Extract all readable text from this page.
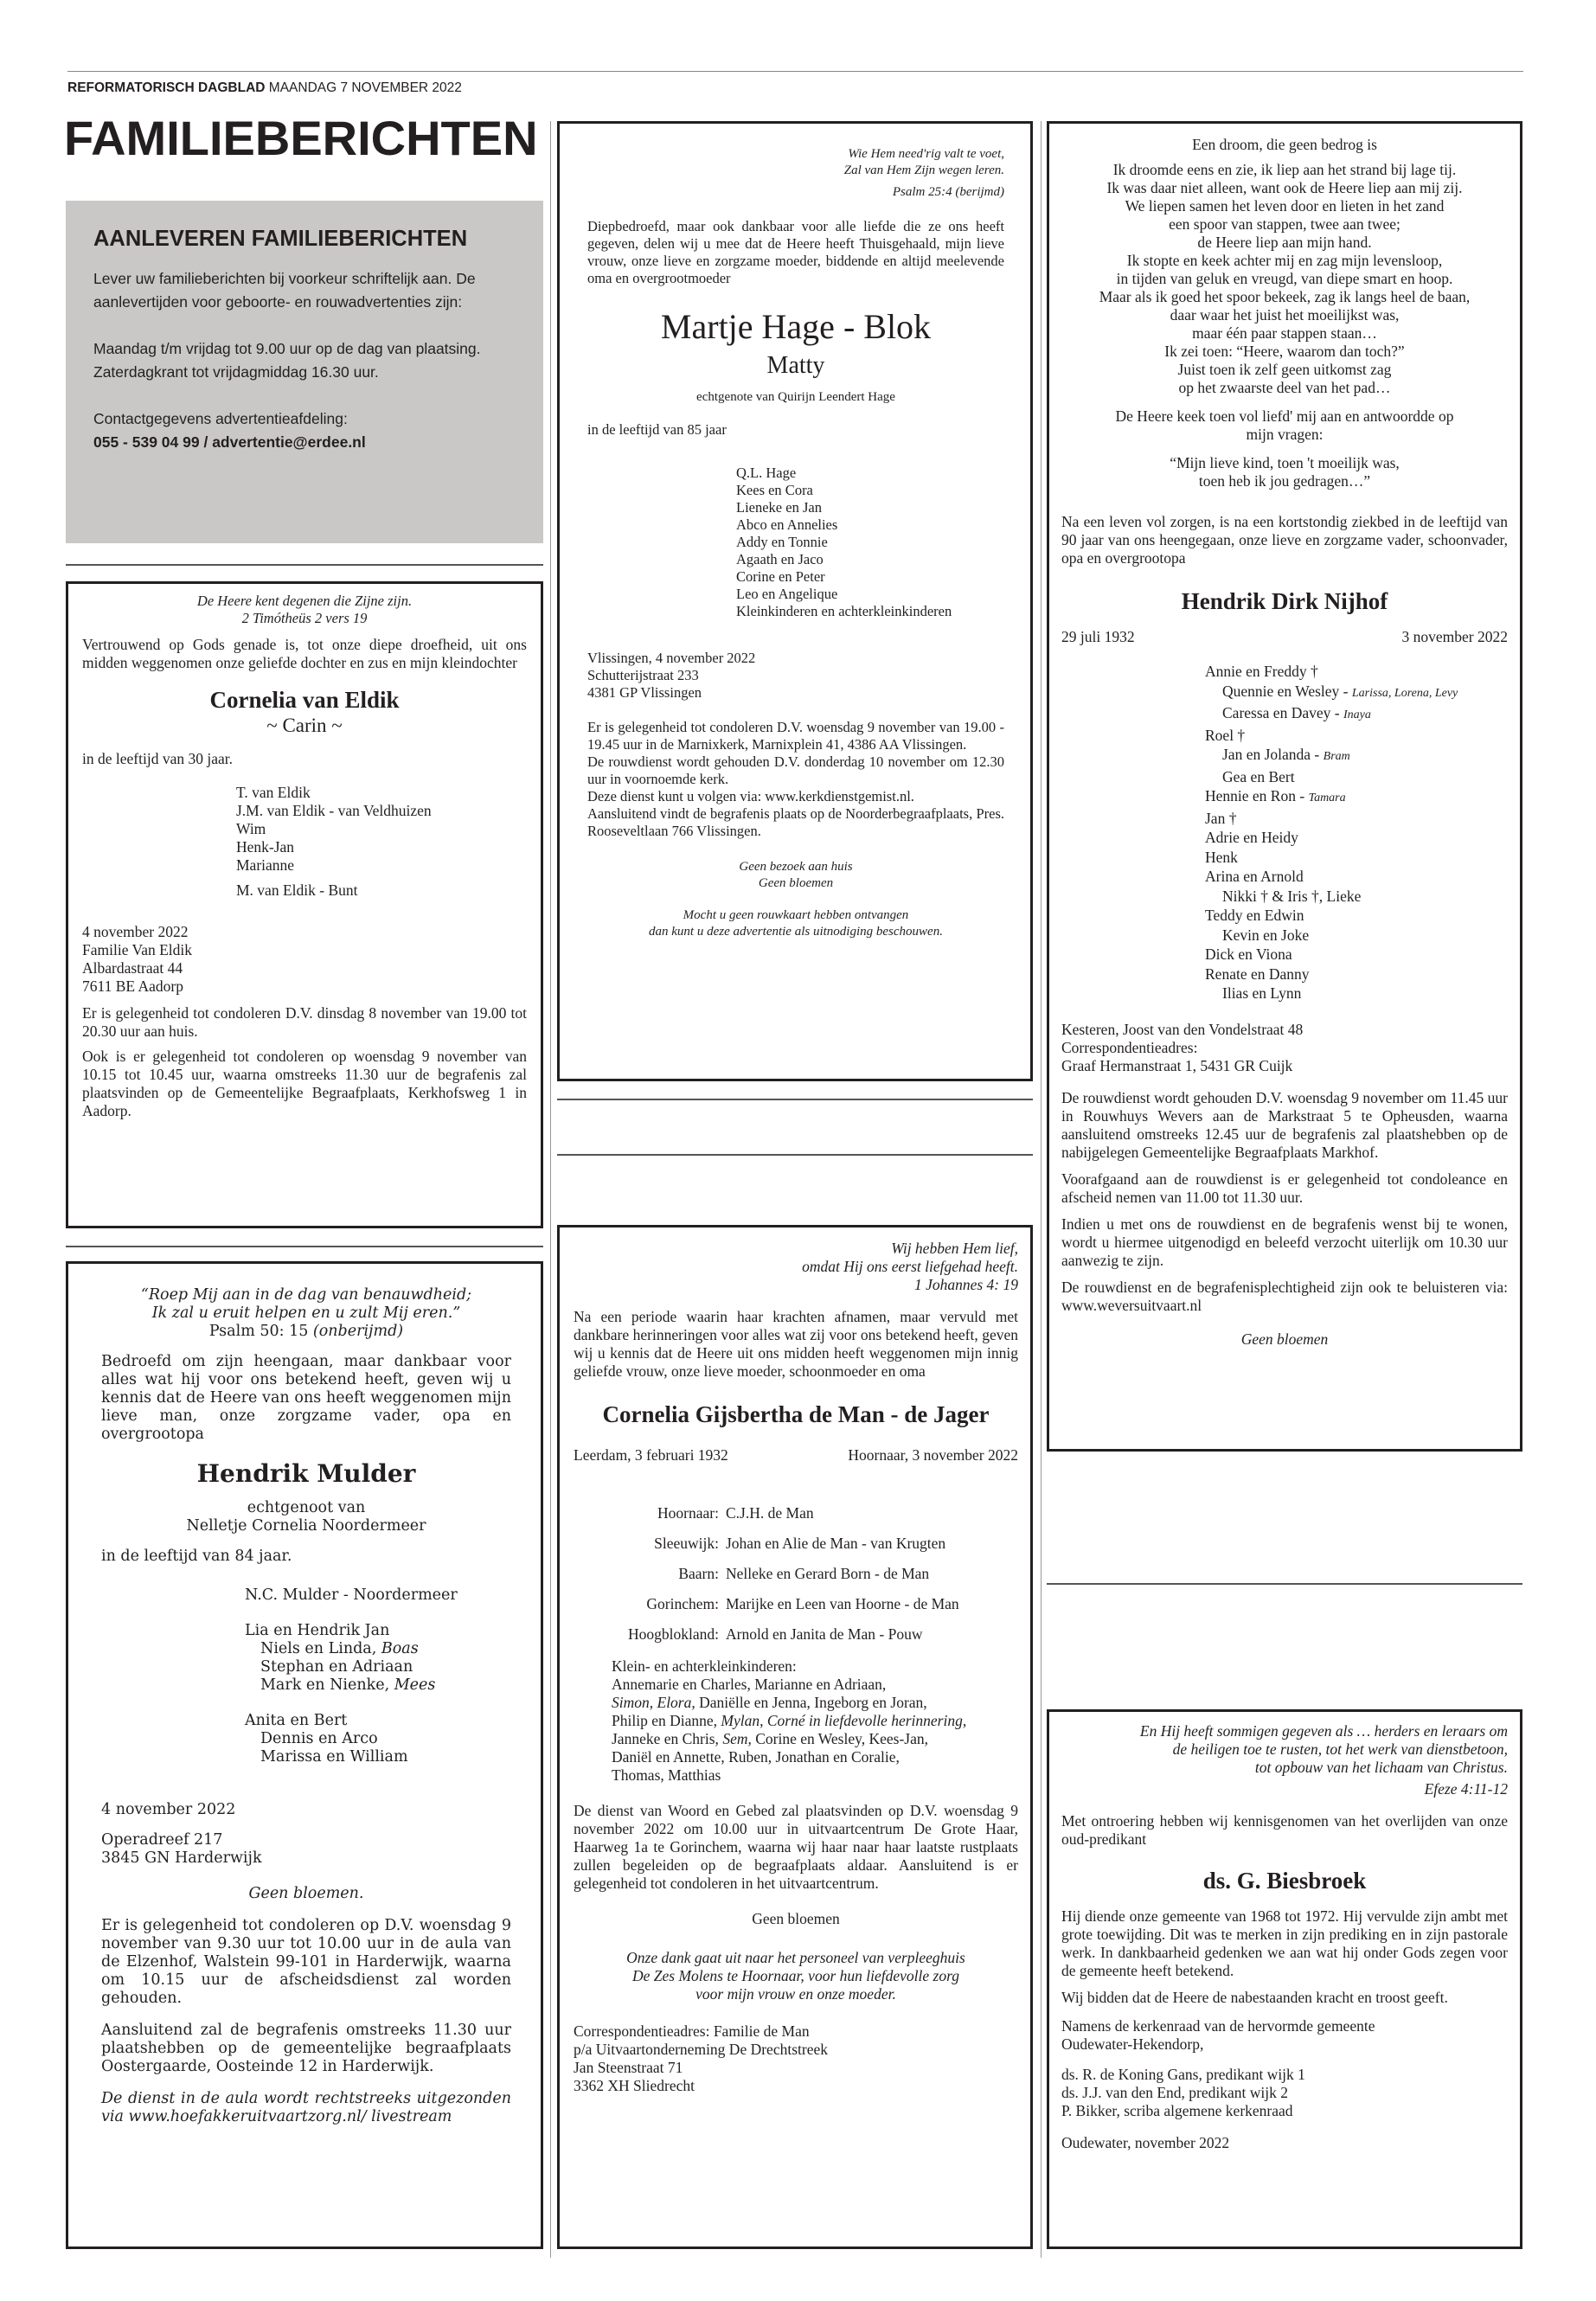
REFORMATORISCH DAGBLAD MAANDAG 7 NOVEMBER 2022
FAMILIEBERICHTEN
AANLEVEREN FAMILIEBERICHTEN

Lever uw familieberichten bij voorkeur schriftelijk aan. De aanlevertijden voor geboorte- en rouwadvertenties zijn:

Maandag t/m vrijdag tot 9.00 uur op de dag van plaatsing.

Zaterdagkrant tot vrijdagmiddag 16.30 uur.

Contactgegevens advertentieafdeling:

055 - 539 04 99 / advertentie@erdee.nl

De Heere kent degenen die Zijne zijn.
2 Timótheüs 2 vers 19

Vertrouwend op Gods genade is, tot onze diepe droefheid, uit ons midden weggenomen onze geliefde dochter en zus en mijn kleindochter

Cornelia van Eldik
~ Carin ~

in de leeftijd van 30 jaar.

T. van Eldik
J.M. van Eldik - van Veldhuizen
Wim
Henk-Jan
Marianne
M. van Eldik - Bunt
4 november 2022
Familie Van Eldik
Albardastraat 44
7611 BE Aadorp

Er is gelegenheid tot condoleren D.V. dinsdag 8 november van 19.00 tot 20.30 uur aan huis.

Ook is er gelegenheid tot condoleren op woensdag 9 november van 10.15 tot 10.45 uur, waarna omstreeks 11.30 uur de begrafenis zal plaatsvinden op de Gemeentelijke Begraafplaats, Kerkhofsweg 1 in Aadorp.

“Roep Mij aan in de dag van benauwdheid;
Ik zal u eruit helpen en u zult Mij eren.”
Psalm 50: 15 (onberijmd)

Bedroefd om zijn heengaan, maar dankbaar voor alles wat hij voor ons betekend heeft, geven wij u kennis dat de Heere van ons heeft weggenomen mijn lieve man, onze zorgzame vader, opa en overgrootopa

Hendrik Mulder
echtgenoot van
Nelletje Cornelia Noordermeer

in de leeftijd van 84 jaar.

N.C. Mulder - Noordermeer
Lia en Hendrik Jan
Niels en Linda, Boas
Stephan en Adriaan
Mark en Nienke, Mees
Anita en Bert
Dennis en Arco
Marissa en William

4 november 2022

Operadreef 217
3845 GN Harderwijk
Geen bloemen.

Er is gelegenheid tot condoleren op D.V. woensdag 9 november van 9.30 uur tot 10.00 uur in de aula van de Elzenhof, Walstein 99-101 in Harderwijk, waarna om 10.15 uur de afscheidsdienst zal worden gehouden.

Aansluitend zal de begrafenis omstreeks 11.30 uur plaatshebben op de gemeentelijke begraafplaats Oostergaarde, Oosteinde 12 in Harderwijk.

De dienst in de aula wordt rechtstreeks uitgezonden via www.hoefakkeruitvaartzorg.nl/ livestream

Wie Hem need'rig valt te voet,
Zal van Hem Zijn wegen leren.
Psalm 25:4 (berijmd)

Diepbedroefd, maar ook dankbaar voor alle liefde die ze ons heeft gegeven, delen wij u mee dat de Heere heeft Thuisgehaald, mijn lieve vrouw, onze lieve en zorgzame moeder, biddende en altijd meelevende oma en overgrootmoeder

Martje Hage - Blok
Matty
echtgenote van Quirijn Leendert Hage

in de leeftijd van 85 jaar

Q.L. Hage
Kees en Cora
Lieneke en Jan
Abco en Annelies
Addy en Tonnie
Agaath en Jaco
Corine en Peter
Leo en Angelique
Kleinkinderen en achterkleinkinderen
Vlissingen, 4 november 2022
Schutterijstraat 233
4381 GP Vlissingen

Er is gelegenheid tot condoleren D.V. woensdag 9 november van 19.00 - 19.45 uur in de Marnixkerk, Marnixplein 41, 4386 AA Vlissingen.

De rouwdienst wordt gehouden D.V. donderdag 10 november om 12.30 uur in voornoemde kerk.

Deze dienst kunt u volgen via: www.kerkdienstgemist.nl.

Aansluitend vindt de begrafenis plaats op de Noorderbegraafplaats, Pres. Rooseveltlaan 766 Vlissingen.

Geen bezoek aan huis
Geen bloemen
Mocht u geen rouwkaart hebben ontvangen
dan kunt u deze advertentie als uitnodiging beschouwen.
Wij hebben Hem lief,
omdat Hij ons eerst liefgehad heeft.
1 Johannes 4: 19

Na een periode waarin haar krachten afnamen, maar vervuld met dankbare herinneringen voor alles wat zij voor ons betekend heeft, geven wij u kennis dat de Heere uit ons midden heeft weggenomen mijn innig geliefde vrouw, onze lieve moeder, schoonmoeder en oma

Cornelia Gijsbertha de Man - de Jager
Leerdam, 3 februari 1932	Hoornaar, 3 november 2022
Hoornaar: C.J.H. de Man
Sleeuwijk: Johan en Alie de Man - van Krugten
Baarn: Nelleke en Gerard Born - de Man
Gorinchem: Marijke en Leen van Hoorne - de Man
Hoogblokland: Arnold en Janita de Man - Pouw
Klein- en achterkleinkinderen:
Annemarie en Charles, Marianne en Adriaan,
Simon, Elora, Daniëlle en Jenna, Ingeborg en Joran,
Philip en Dianne, Mylan, Corné in liefdevolle herinnering,
Janneke en Chris, Sem, Corine en Wesley, Kees-Jan,
Daniël en Annette, Ruben, Jonathan en Coralie,
Thomas, Matthias

De dienst van Woord en Gebed zal plaatsvinden op D.V. woensdag 9 november 2022 om 10.00 uur in uitvaartcentrum De Grote Haar, Haarweg 1a te Gorinchem, waarna wij haar naar haar laatste rustplaats zullen begeleiden op de begraafplaats aldaar. Aansluitend is er gelegenheid tot condoleren in het uitvaartcentrum.

Geen bloemen
Onze dank gaat uit naar het personeel van verpleeghuis
De Zes Molens te Hoornaar, voor hun liefdevolle zorg
voor mijn vrouw en onze moeder.
Correspondentieadres: Familie de Man
p/a Uitvaartonderneming De Drechtstreek
Jan Steenstraat 71
3362 XH Sliedrecht
Een droom, die geen bedrog is
Ik droomde eens en zie, ik liep aan het strand bij lage tij.
Ik was daar niet alleen, want ook de Heere liep aan mij zij.
We liepen samen het leven door en lieten in het zand
een spoor van stappen, twee aan twee;
de Heere liep aan mijn hand.
Ik stopte en keek achter mij en zag mijn levensloop,
in tijden van geluk en vreugd, van diepe smart en hoop.
Maar als ik goed het spoor bekeek, zag ik langs heel de baan,
daar waar het juist het moeilijkst was,
maar één paar stappen staan…
Ik zei toen: “Heere, waarom dan toch?”
Juist toen ik zelf geen uitkomst zag
op het zwaarste deel van het pad…
De Heere keek toen vol liefd' mij aan en antwoordde op
mijn vragen:
“Mijn lieve kind, toen 't moeilijk was,
toen heb ik jou gedragen…”

Na een leven vol zorgen, is na een kortstondig ziekbed in de leeftijd van 90 jaar van ons heengegaan, onze lieve en zorgzame vader, schoonvader, opa en overgrootopa

Hendrik Dirk Nijhof
29 juli 1932	3 november 2022
Annie en Freddy †
Quennie en Wesley - Larissa, Lorena, Levy
Caressa en Davey - Inaya
Roel †
Jan en Jolanda - Bram
Gea en Bert
Hennie en Ron - Tamara
Jan †
Adrie en Heidy
Henk
Arina en Arnold
Nikki † & Iris †, Lieke
Teddy en Edwin
Kevin en Joke
Dick en Viona
Renate en Danny
Ilias en Lynn
Kesteren, Joost van den Vondelstraat 48
Correspondentieadres:
Graaf Hermanstraat 1, 5431 GR Cuijk

De rouwdienst wordt gehouden D.V. woensdag 9 november om 11.45 uur in Rouwhuys Wevers aan de Markstraat 5 te Opheusden, waarna aansluitend omstreeks 12.45 uur de begrafenis zal plaatshebben op de nabijgelegen Gemeentelijke Begraafplaats Markhof.

Voorafgaand aan de rouwdienst is er gelegenheid tot condoleance en afscheid nemen van 11.00 tot 11.30 uur.

Indien u met ons de rouwdienst en de begrafenis wenst bij te wonen, wordt u hiermee uitgenodigd en beleefd verzocht uiterlijk om 10.30 uur aanwezig te zijn.

De rouwdienst en de begrafenisplechtigheid zijn ook te beluisteren via: www.weversuitvaart.nl

Geen bloemen
En Hij heeft sommigen gegeven als … herders en leraars om
de heiligen toe te rusten, tot het werk van dienstbetoon,
tot opbouw van het lichaam van Christus.
Efeze 4:11-12

Met ontroering hebben wij kennisgenomen van het overlijden van onze oud-predikant

ds. G. Biesbroek

Hij diende onze gemeente van 1968 tot 1972. Hij vervulde zijn ambt met grote toewijding. Dit was te merken in zijn prediking en in zijn pastorale werk. In dankbaarheid gedenken we aan wat hij onder Gods zegen voor de gemeente heeft betekend.

Wij bidden dat de Heere de nabestaanden kracht en troost geeft.

Namens de kerkenraad van de hervormde gemeente

Oudewater-Hekendorp,

ds. R. de Koning Gans, predikant wijk 1
ds. J.J. van den End, predikant wijk 2
P. Bikker, scriba algemene kerkenraad

Oudewater, november 2022
